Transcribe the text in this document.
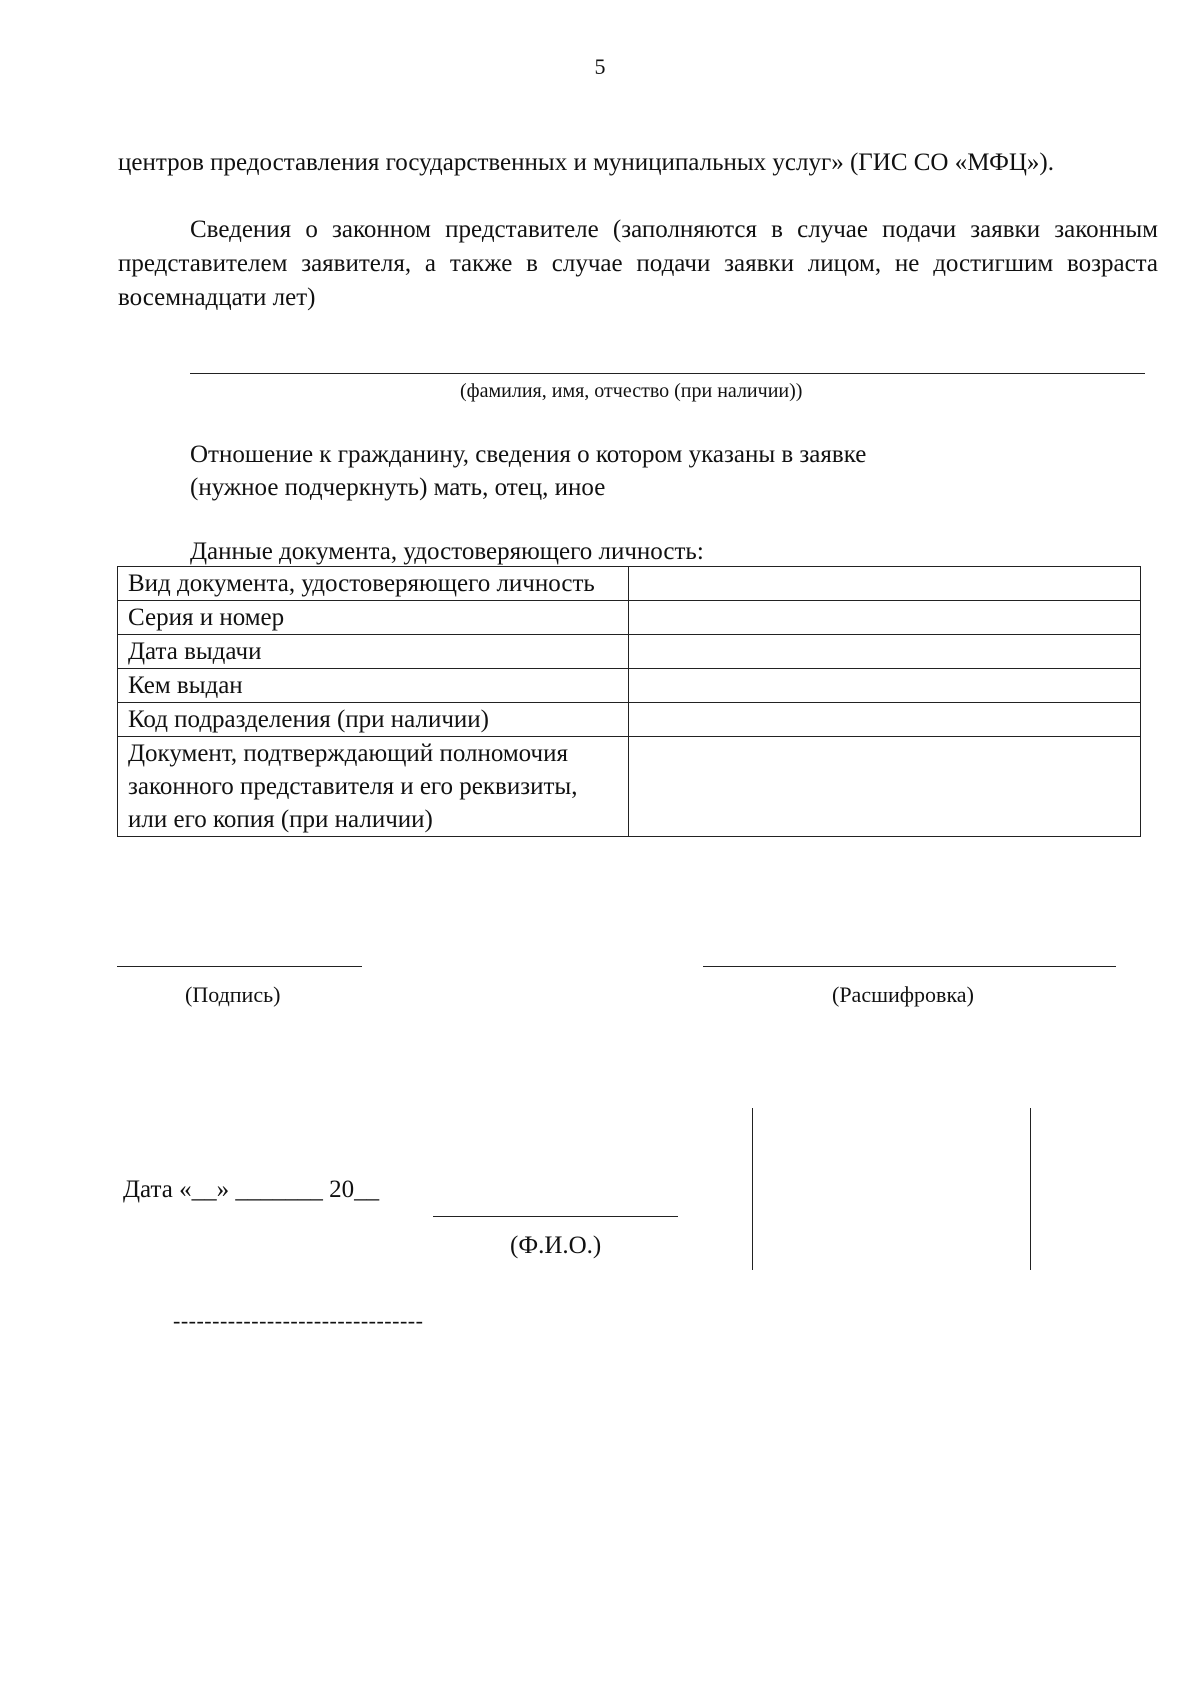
5
центров предоставления государственных и муниципальных услуг» (ГИС СО «МФЦ»).
Сведения о законном представителе (заполняются в случае подачи заявки законным представителем заявителя, а также в случае подачи заявки лицом, не достигшим возраста восемнадцати лет)
(фамилия, имя, отчество (при наличии))
Отношение к гражданину, сведения о котором указаны в заявке
(нужное подчеркнуть) мать, отец, иное
Данные документа, удостоверяющего личность:
Вид документа, удостоверяющего личность	
Серия и номер	
Дата выдачи	
Кем выдан	
Код подразделения (при наличии)	
Документ, подтверждающий полномочия законного представителя и его реквизиты, или его копия (при наличии)	
(Подпись)	(Расшифровка)
Дата «__» _______ 20__
(Ф.И.О.)
--------------------------------
